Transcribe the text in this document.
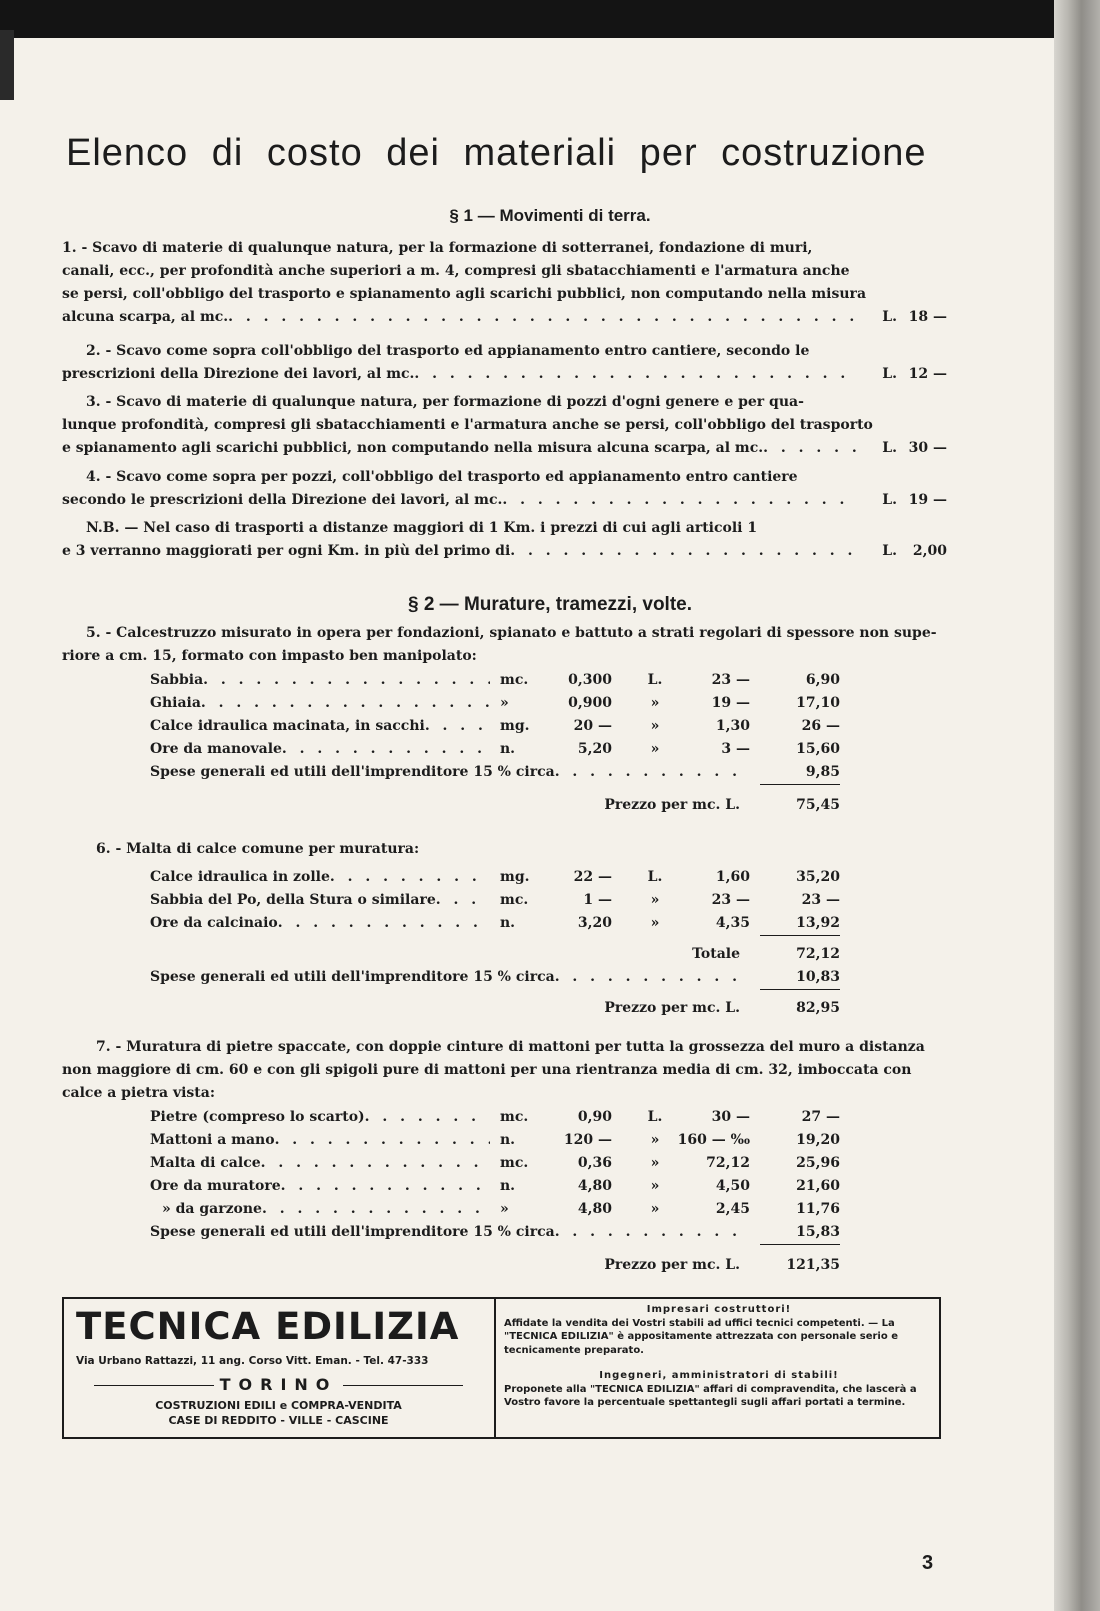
Elenco di costo dei materiali per costruzione
§ 1 — Movimenti di terra.
1. - Scavo di materie di qualunque natura, per la formazione di sotterranei, fondazione di muri,
canali, ecc., per profondità anche superiori a m. 4, compresi gli sbatacchiamenti e l'armatura anche
se persi, coll'obbligo del trasporto e spianamento agli scarichi pubblici, non computando nella misura
alcuna scarpa, al mc. . . .	L. 18 —
2. - Scavo come sopra coll'obbligo del trasporto ed appianamento entro cantiere, secondo le
prescrizioni della Direzione dei lavori, al mc. . . .	L. 12 —
3. - Scavo di materie di qualunque natura, per formazione di pozzi d'ogni genere e per qua-
lunque profondità, compresi gli sbatacchiamenti e l'armatura anche se persi, coll'obbligo del trasporto
e spianamento agli scarichi pubblici, non computando nella misura alcuna scarpa, al mc. . . .	L. 30 —
4. - Scavo come sopra per pozzi, coll'obbligo del trasporto ed appianamento entro cantiere
secondo le prescrizioni della Direzione dei lavori, al mc. . . .	L. 19 —
N.B. — Nel caso di trasporti a distanze maggiori di 1 Km. i prezzi di cui agli articoli 1
e 3 verranno maggiorati per ogni Km. in più del primo di . . .	L.	2,00
§ 2 — Murature, tramezzi, volte.
5. - Calcestruzzo misurato in opera per fondazioni, spianato e battuto a strati regolari di spessore non supe-
riore a cm. 15, formato con impasto ben manipolato:
Sabbia . . .	mc.	0,300	L.	23 —	6,90
Ghiaia . . .	»	0,900	»	19 —	17,10
Calce idraulica macinata, in sacchi . . .	mg.	20 —	»	1,30	26 —
Ore da manovale . . .	n.	5,20	»	3 —	15,60
Spese generali ed utili dell'imprenditore 15 % circa . . .	9,85
Prezzo per mc. L.	75,45
6. - Malta di calce comune per muratura:
Calce idraulica in zolle . . .	mg.	22 —	L.	1,60	35,20
Sabbia del Po, della Stura o similare . . .	mc.	1 —	»	23 —	23 —
Ore da calcinaio . . .	n.	3,20	»	4,35	13,92
Totale	72,12
Spese generali ed utili dell'imprenditore 15 % circa . . .	10,83
Prezzo per mc. L.	82,95
7. - Muratura di pietre spaccate, con doppie cinture di mattoni per tutta la grossezza del muro a distanza
non maggiore di cm. 60 e con gli spigoli pure di mattoni per una rientranza media di cm. 32, imboccata con
calce a pietra vista:
Pietre (compreso lo scarto) . . .	mc.	0,90	L.	30 —	27 —
Mattoni a mano . . .	n.	120 —	»	160 — ‰	19,20
Malta di calce . . .	mc.	0,36	»	72,12	25,96
Ore da muratore . . .	n.	4,80	»	4,50	21,60
» da garzone . . .	»	4,80	»	2,45	11,76
Spese generali ed utili dell'imprenditore 15 % circa . . .	15,83
Prezzo per mc. L.	121,35
TECNICA EDILIZIA
Via Urbano Rattazzi, 11 ang. Corso Vitt. Eman. - Tel. 47-333
TORINO
COSTRUZIONI EDILI e COMPRA-VENDITA
CASE DI REDDITO - VILLE - CASCINE
Impresari costruttori!
Affidate la vendita dei Vostri stabili ad uffici tecnici competenti. — La "TECNICA EDILIZIA" è appositamente attrezzata con personale serio e tecnicamente preparato.
Ingegneri, amministratori di stabili!
Proponete alla "TECNICA EDILIZIA" affari di compravendita, che lascerà a Vostro favore la percentuale spettantegli sugli affari portati a termine.
3
